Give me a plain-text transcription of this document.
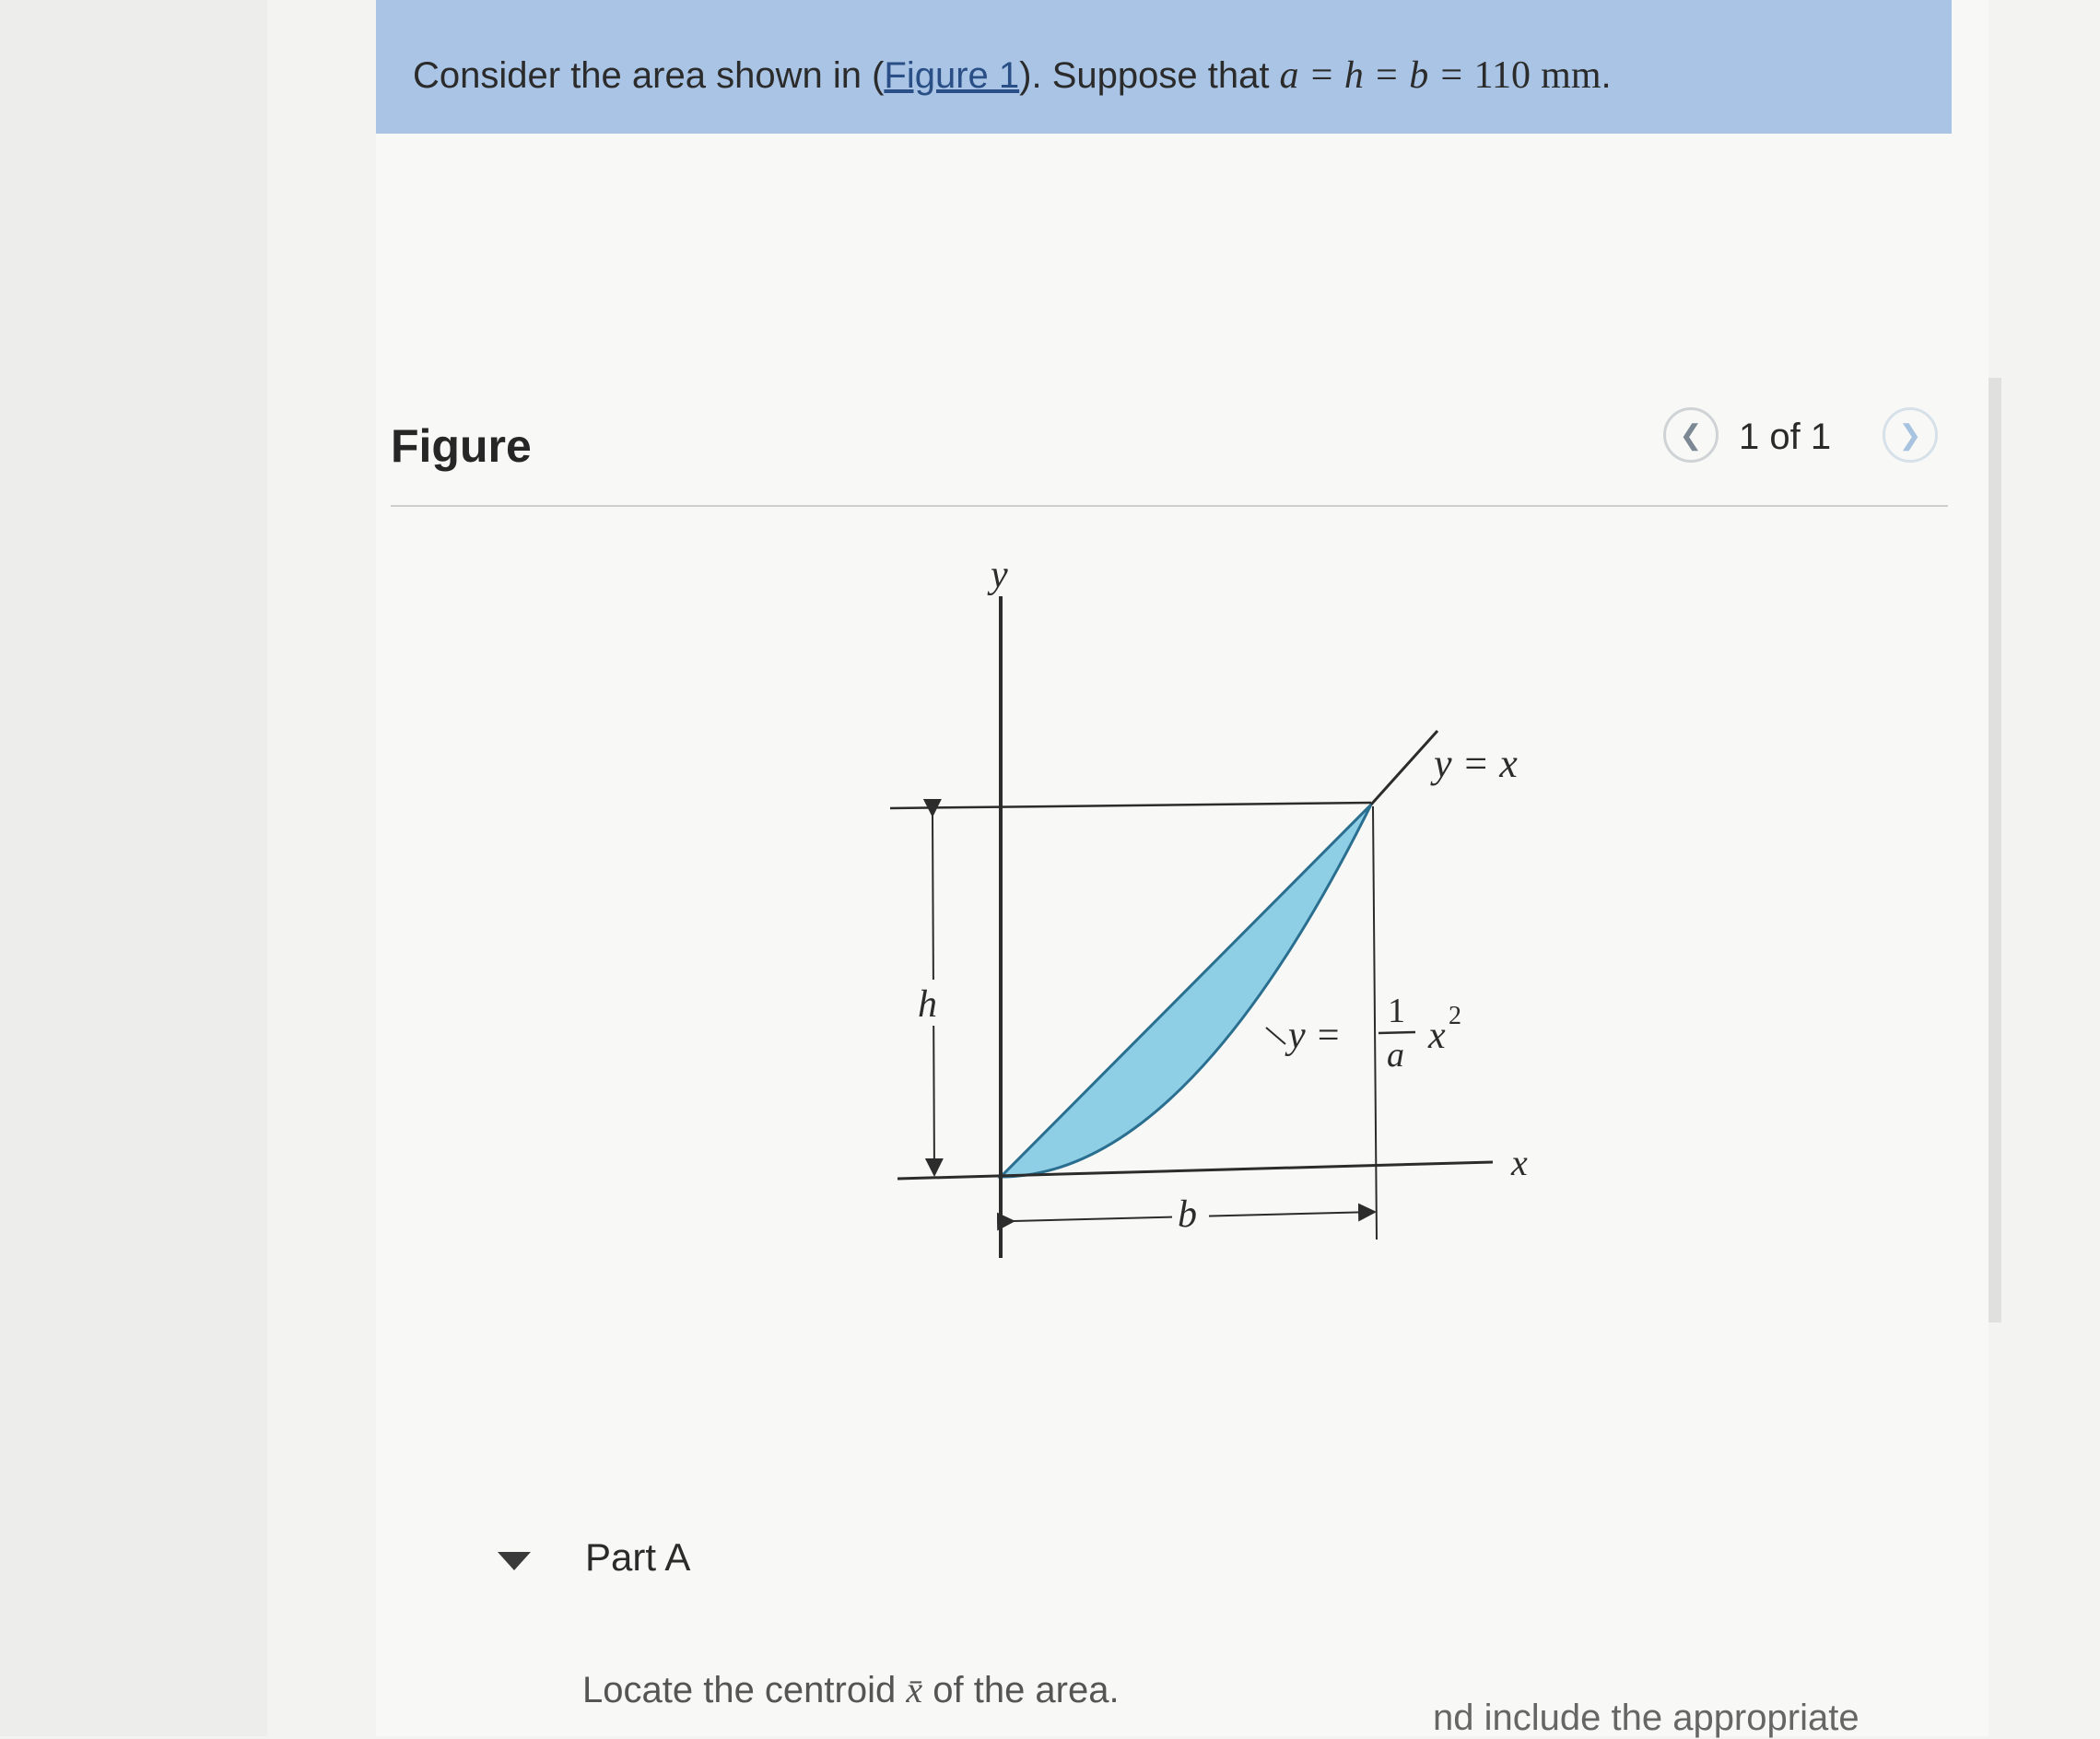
Consider the area shown in (Figure 1). Suppose that a = h = b = 110 mm.
Figure	❮ 1 of 1	❯
y
x
y = x
y =
1
a x 2
h
b
Part A
Locate the centroid x̄ of the area.
nd include the appropriate
